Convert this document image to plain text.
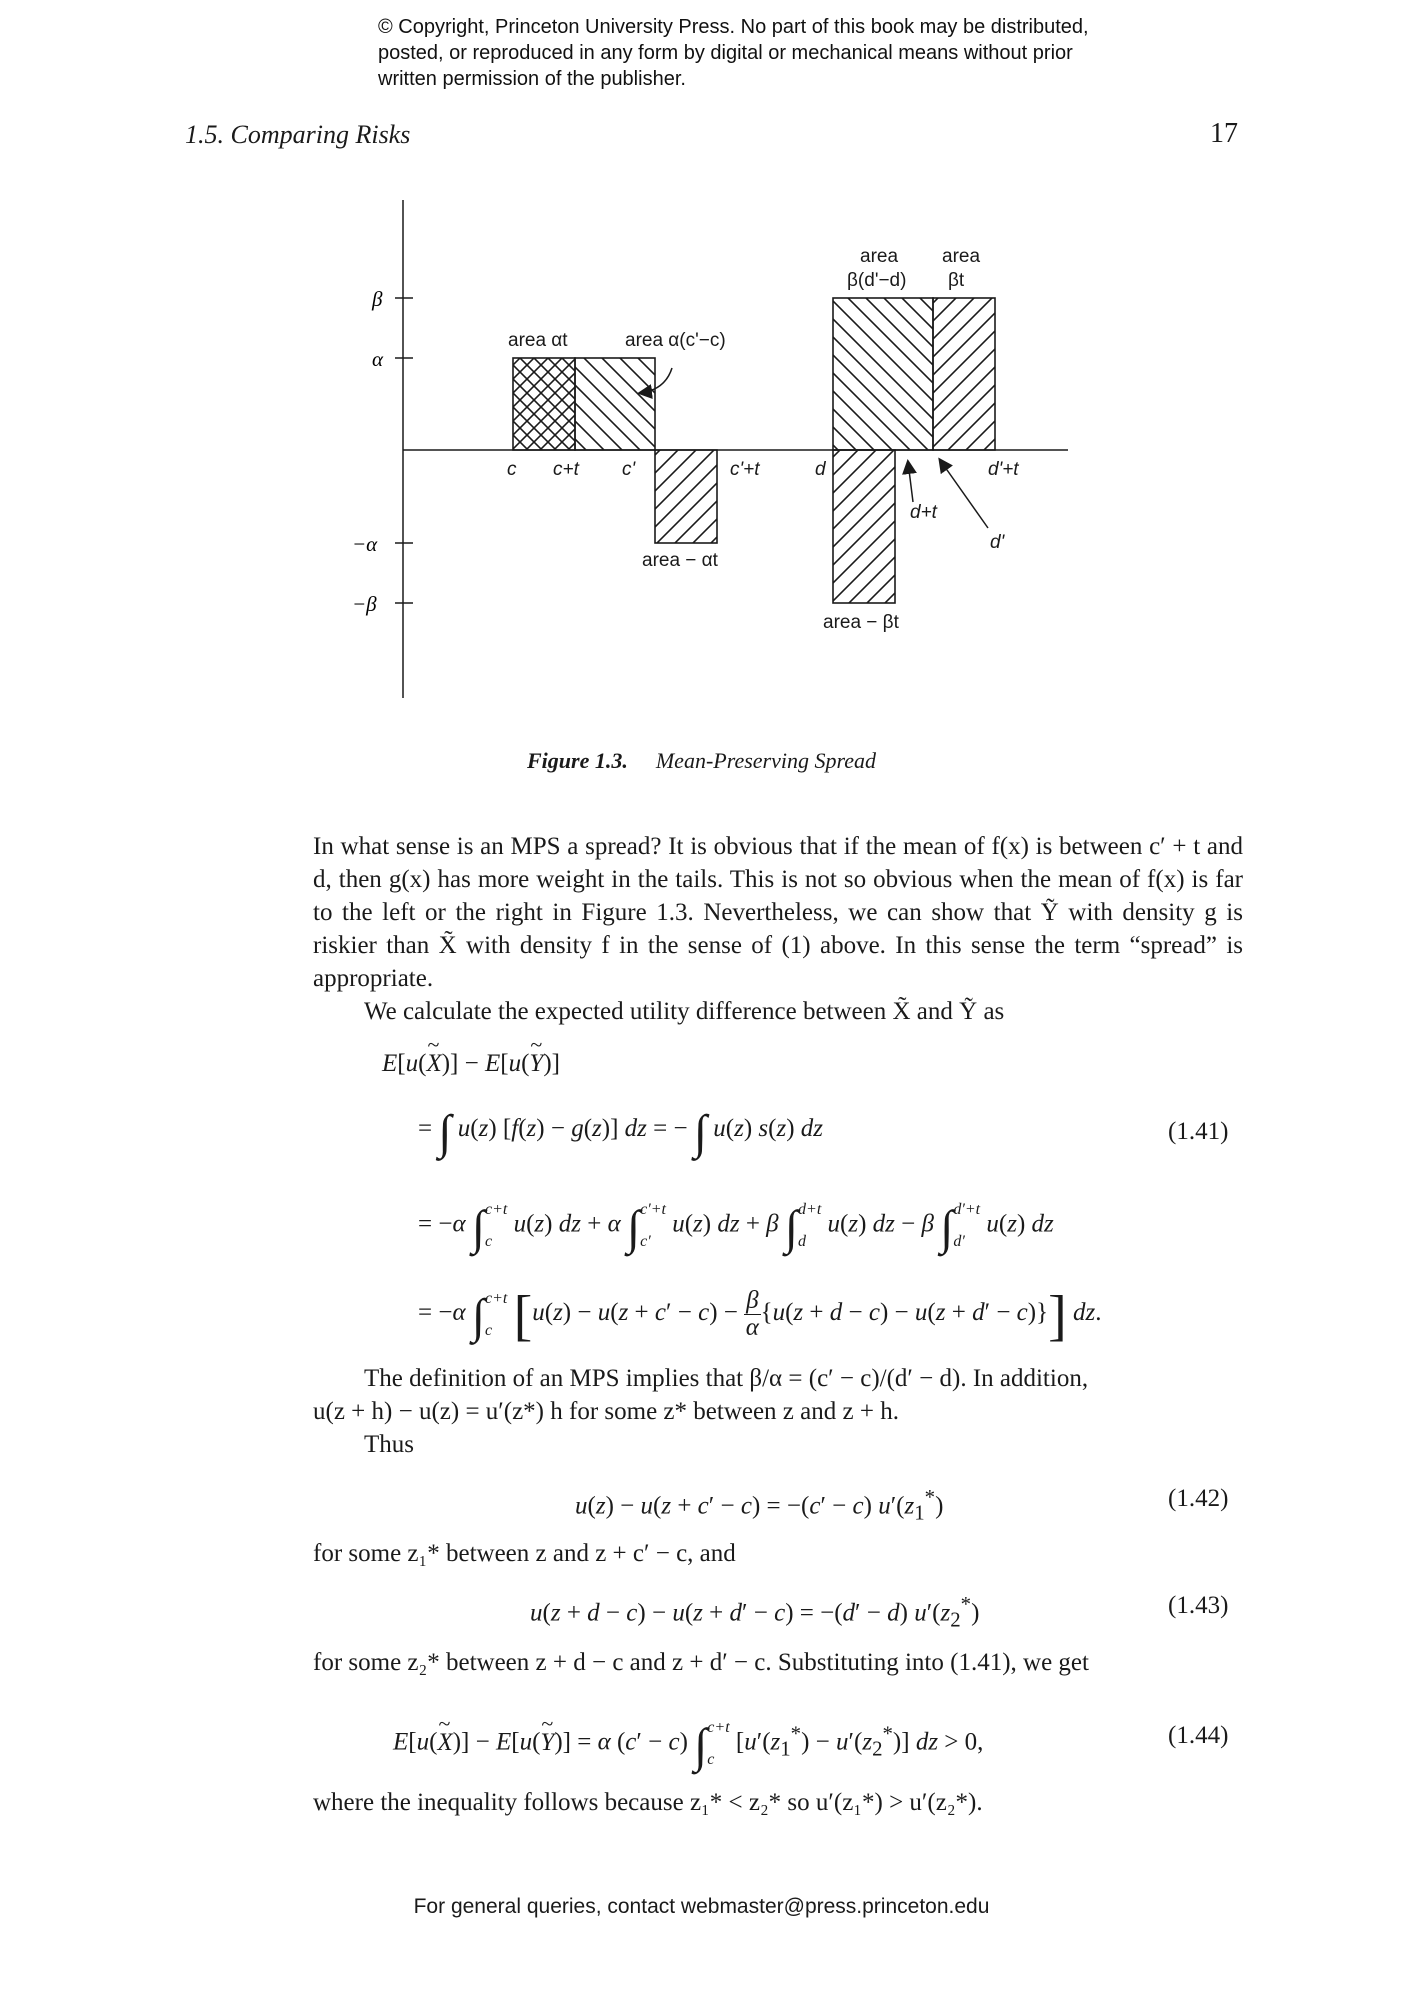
© Copyright, Princeton University Press. No part of this book may be distributed, posted, or reproduced in any form by digital or mechanical means without prior written permission of the publisher.
1.5. Comparing Risks	17
β
α
−α
−β
c c+t c'	c'+t	d
d+t
d'
d'+t
area αt	area α(c'−c)
area − αt
area
β(d'−d)
area
βt
area − βt
Figure 1.3. Mean-Preserving Spread

In what sense is an MPS a spread? It is obvious that if the mean of f(x) is between c′ + t and d, then g(x) has more weight in the tails. This is not so obvious when the mean of f(x) is far to the left or the right in Figure 1.3. Nevertheless, we can show that Ỹ with density g is riskier than X̃ with density f in the sense of (1) above. In this sense the term “spread” is appropriate.

We calculate the expected utility difference between X̃ and Ỹ as

E[u(~ X)] − E[u(~ Y)]
= ∫ u(z) [f(z) − g(z)] dz = − ∫ u(z) s(z) dz	(1.41)
= −α ∫c+t

c u(z) dz + α ∫c′+t

c′ u(z) dz + β ∫d+t

d u(z) dz − β ∫d′+t

d′ u(z) dz
= −α ∫c+t

c $[u(z) - u(z + c' - c) - \frac{\beta}{\alpha} \{u(z + d - c) - u(z + d' - c)\}]$ dz.

The definition of an MPS implies that β/α = (c′ − c)/(d′ − d). In addition,

u(z + h) − u(z) = u′(z*) h for some z* between z and z + h.

Thus

u(z) − u(z + c′ − c) = −(c′ − c) $u'(z_1^*)$	(1.42)
for some z₁* between z and z + c′ − c, and
u(z + d − c) − u(z + d′ − c) = −(d′ − d) $u'(z_2^*)$	(1.43)
for some z₂* between z + d − c and z + d′ − c. Substituting into (1.41), we get
E[u(~ X)] − E[u(~ Y)] = α (c′ − c) ∫c+t

c $[u'(z_1^*) - u'(z_2^*)]$ dz > 0,	(1.44)
where the inequality follows because z₁* < z₂* so u′(z₁*) > u′(z₂*).
For general queries, contact webmaster@press.princeton.edu
